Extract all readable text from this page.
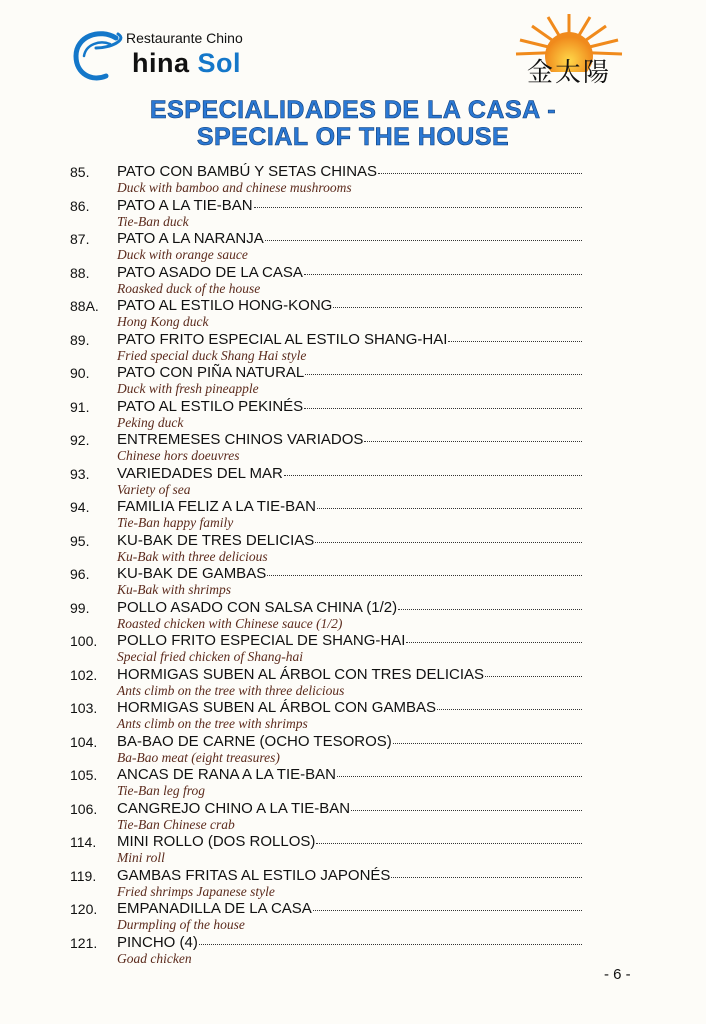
Restaurante Chino
hina Sol	金太陽
ESPECIALIDADES DE LA CASA -
SPECIAL OF THE HOUSE
85.	PATO CON BAMBÚ Y SETAS CHINAS
Duck with bamboo and chinese mushrooms
86.	PATO A LA TIE-BAN
Tie-Ban duck
87.	PATO A LA NARANJA
Duck with orange sauce
88.	PATO ASADO DE LA CASA
Roasked duck of the house
88A.	PATO AL ESTILO HONG-KONG
Hong Kong duck
89.	PATO FRITO ESPECIAL AL ESTILO SHANG-HAI
Fried special duck Shang Hai style
90.	PATO CON PIÑA NATURAL
Duck with fresh pineapple
91.	PATO AL ESTILO PEKINÉS
Peking duck
92.	ENTREMESES CHINOS VARIADOS
Chinese hors doeuvres
93.	VARIEDADES DEL MAR
Variety of sea
94.	FAMILIA FELIZ A LA TIE-BAN
Tie-Ban happy family
95.	KU-BAK DE TRES DELICIAS
Ku-Bak with three delicious
96.	KU-BAK DE GAMBAS
Ku-Bak with shrimps
99.	POLLO ASADO CON SALSA CHINA (1/2)
Roasted chicken with Chinese sauce (1/2)
100.	POLLO FRITO ESPECIAL DE SHANG-HAI
Special fried chicken of Shang-hai
102.	HORMIGAS SUBEN AL ÁRBOL CON TRES DELICIAS
Ants climb on the tree with three delicious
103.	HORMIGAS SUBEN AL ÁRBOL CON GAMBAS
Ants climb on the tree with shrimps
104.	BA-BAO DE CARNE (OCHO TESOROS)
Ba-Bao meat (eight treasures)
105.	ANCAS DE RANA A LA TIE-BAN
Tie-Ban leg frog
106.	CANGREJO CHINO A LA TIE-BAN
Tie-Ban Chinese crab
114.	MINI ROLLO (DOS ROLLOS)
Mini roll
119.	GAMBAS FRITAS AL ESTILO JAPONÉS
Fried shrimps Japanese style
120.	EMPANADILLA DE LA CASA
Durmpling of the house
121.	PINCHO (4)
Goad chicken
- 6 -
